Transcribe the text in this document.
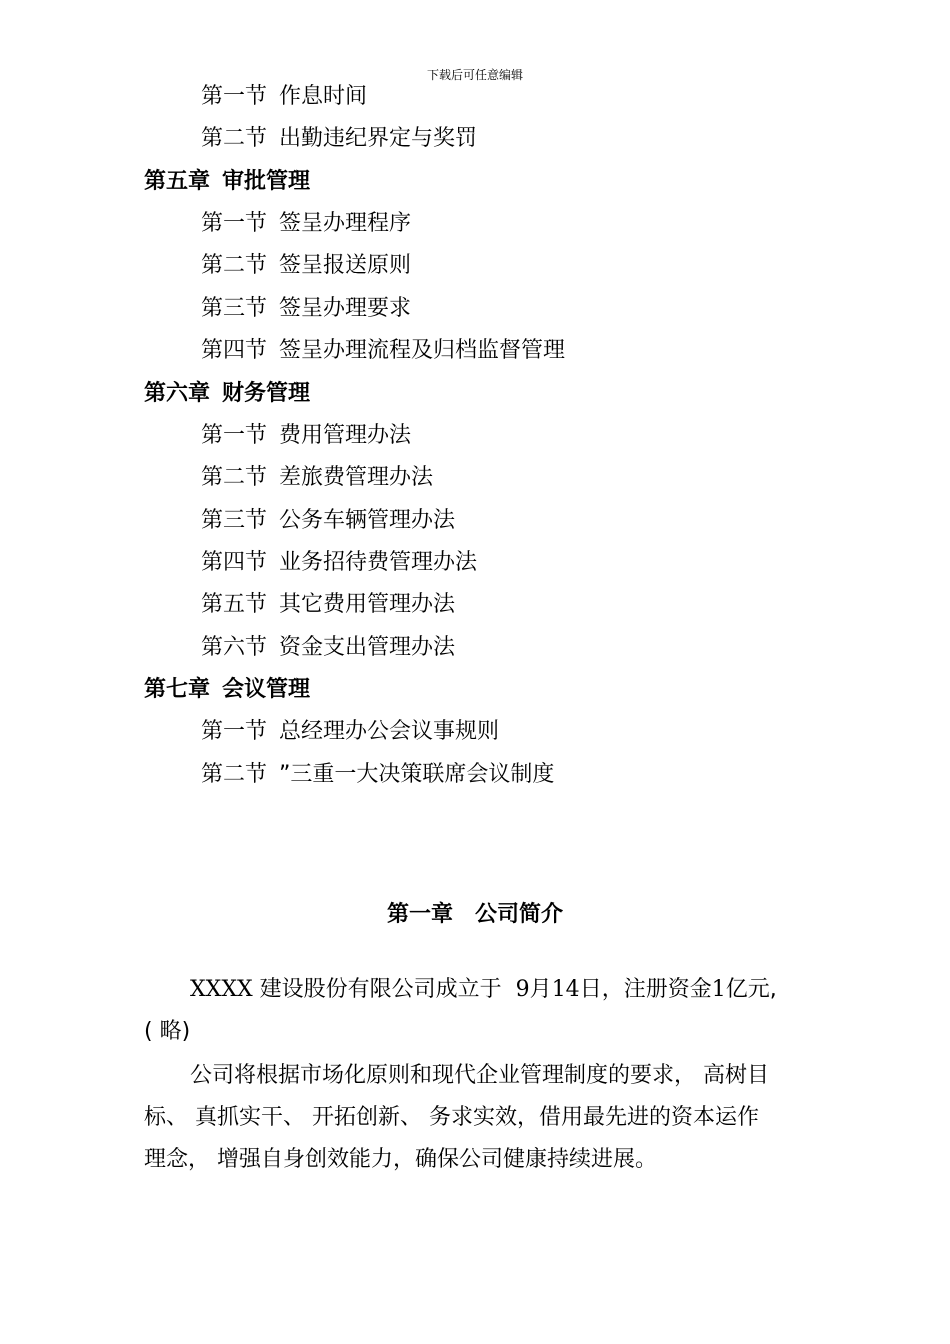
下载后可任意编辑
第一节 作息时间
第二节 出勤违纪界定与奖罚
第五章 审批管理
第一节 签呈办理程序
第二节 签呈报送原则
第三节 签呈办理要求
第四节 签呈办理流程及归档监督管理
第六章 财务管理
第一节 费用管理办法
第二节 差旅费管理办法
第三节 公务车辆管理办法
第四节 业务招待费管理办法
第五节 其它费用管理办法
第六节 资金支出管理办法
第七章 会议管理
第一节 总经理办公会议事规则
第二节 ”三重一大决策联席会议制度
第一章 公司简介
XXXX 建设股份有限公司成立于 9月14日，注册资金1亿元,
( 略)
公司将根据市场化原则和现代企业管理制度的要求， 高树目
标、 真抓实干、 开拓创新、 务求实效，借用最先进的资本运作
理念， 增强自身创效能力，确保公司健康持续进展。
